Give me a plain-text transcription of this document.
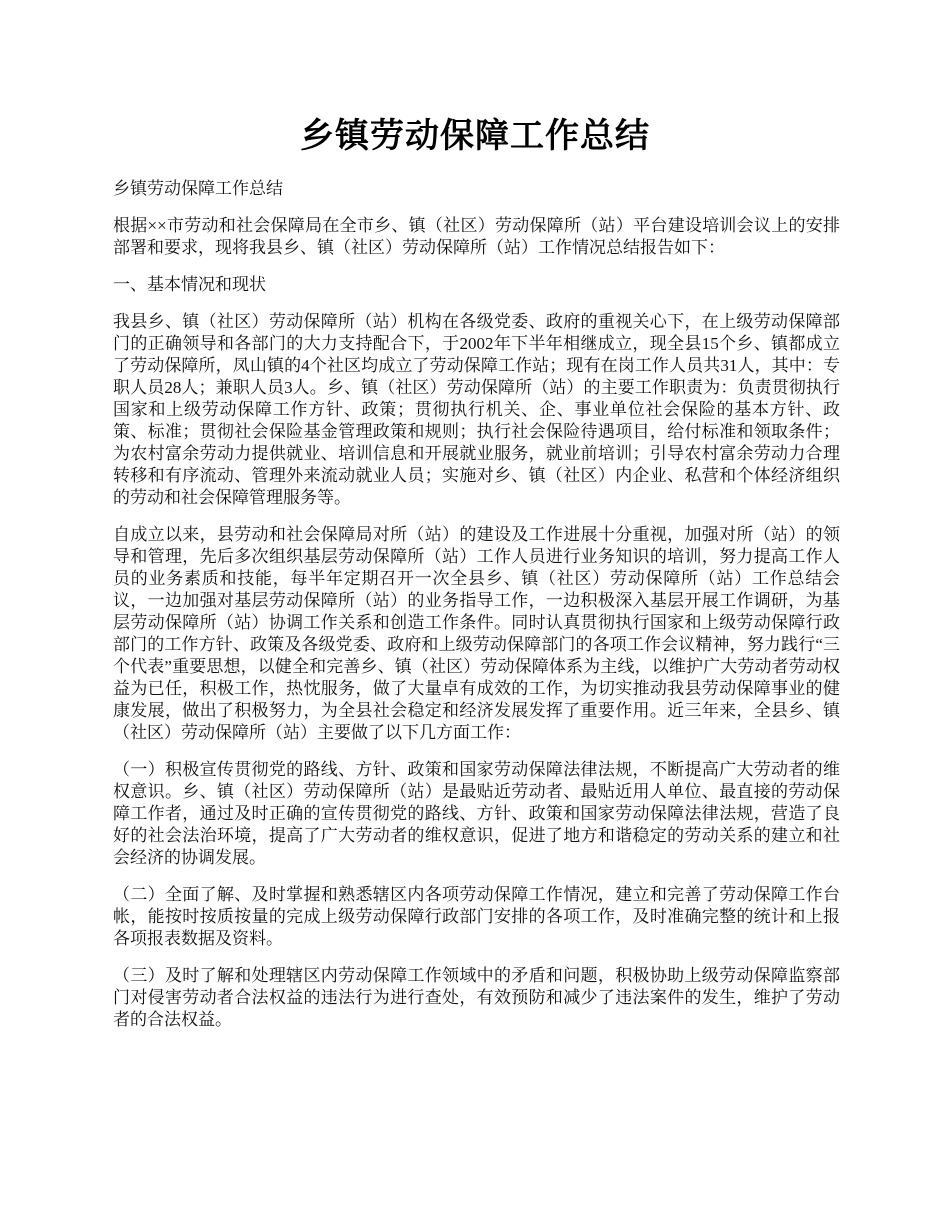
乡镇劳动保障工作总结

乡镇劳动保障工作总结

根据××市劳动和社会保障局在全市乡、镇（社区）劳动保障所（站）平台建设培训会议上的安排部署和要求，现将我县乡、镇（社区）劳动保障所（站）工作情况总结报告如下：

一、基本情况和现状

我县乡、镇（社区）劳动保障所（站）机构在各级党委、政府的重视关心下，在上级劳动保障部门的正确领导和各部门的大力支持配合下，于2002年下半年相继成立，现全县15个乡、镇都成立了劳动保障所，凤山镇的4个社区均成立了劳动保障工作站；现有在岗工作人员共31人，其中：专职人员28人；兼职人员3人。乡、镇（社区）劳动保障所（站）的主要工作职责为：负责贯彻执行国家和上级劳动保障工作方针、政策；贯彻执行机关、企、事业单位社会保险的基本方针、政策、标准；贯彻社会保险基金管理政策和规则；执行社会保险待遇项目，给付标准和领取条件；为农村富余劳动力提供就业、培训信息和开展就业服务，就业前培训；引导农村富余劳动力合理转移和有序流动、管理外来流动就业人员；实施对乡、镇（社区）内企业、私营和个体经济组织的劳动和社会保障管理服务等。

自成立以来，县劳动和社会保障局对所（站）的建设及工作进展十分重视，加强对所（站）的领导和管理，先后多次组织基层劳动保障所（站）工作人员进行业务知识的培训，努力提高工作人员的业务素质和技能，每半年定期召开一次全县乡、镇（社区）劳动保障所（站）工作总结会议，一边加强对基层劳动保障所（站）的业务指导工作，一边积极深入基层开展工作调研，为基层劳动保障所（站）协调工作关系和创造工作条件。同时认真贯彻执行国家和上级劳动保障行政部门的工作方针、政策及各级党委、政府和上级劳动保障部门的各项工作会议精神，努力践行“三个代表”重要思想，以健全和完善乡、镇（社区）劳动保障体系为主线，以维护广大劳动者劳动权益为已任，积极工作，热忱服务，做了大量卓有成效的工作，为切实推动我县劳动保障事业的健康发展，做出了积极努力，为全县社会稳定和经济发展发挥了重要作用。近三年来，全县乡、镇（社区）劳动保障所（站）主要做了以下几方面工作：

（一）积极宣传贯彻党的路线、方针、政策和国家劳动保障法律法规，不断提高广大劳动者的维权意识。乡、镇（社区）劳动保障所（站）是最贴近劳动者、最贴近用人单位、最直接的劳动保障工作者，通过及时正确的宣传贯彻党的路线、方针、政策和国家劳动保障法律法规，营造了良好的社会法治环境，提高了广大劳动者的维权意识，促进了地方和谐稳定的劳动关系的建立和社会经济的协调发展。

（二）全面了解、及时掌握和熟悉辖区内各项劳动保障工作情况，建立和完善了劳动保障工作台帐，能按时按质按量的完成上级劳动保障行政部门安排的各项工作，及时准确完整的统计和上报各项报表数据及资料。

（三）及时了解和处理辖区内劳动保障工作领域中的矛盾和问题，积极协助上级劳动保障监察部门对侵害劳动者合法权益的违法行为进行查处，有效预防和减少了违法案件的发生，维护了劳动者的合法权益。
